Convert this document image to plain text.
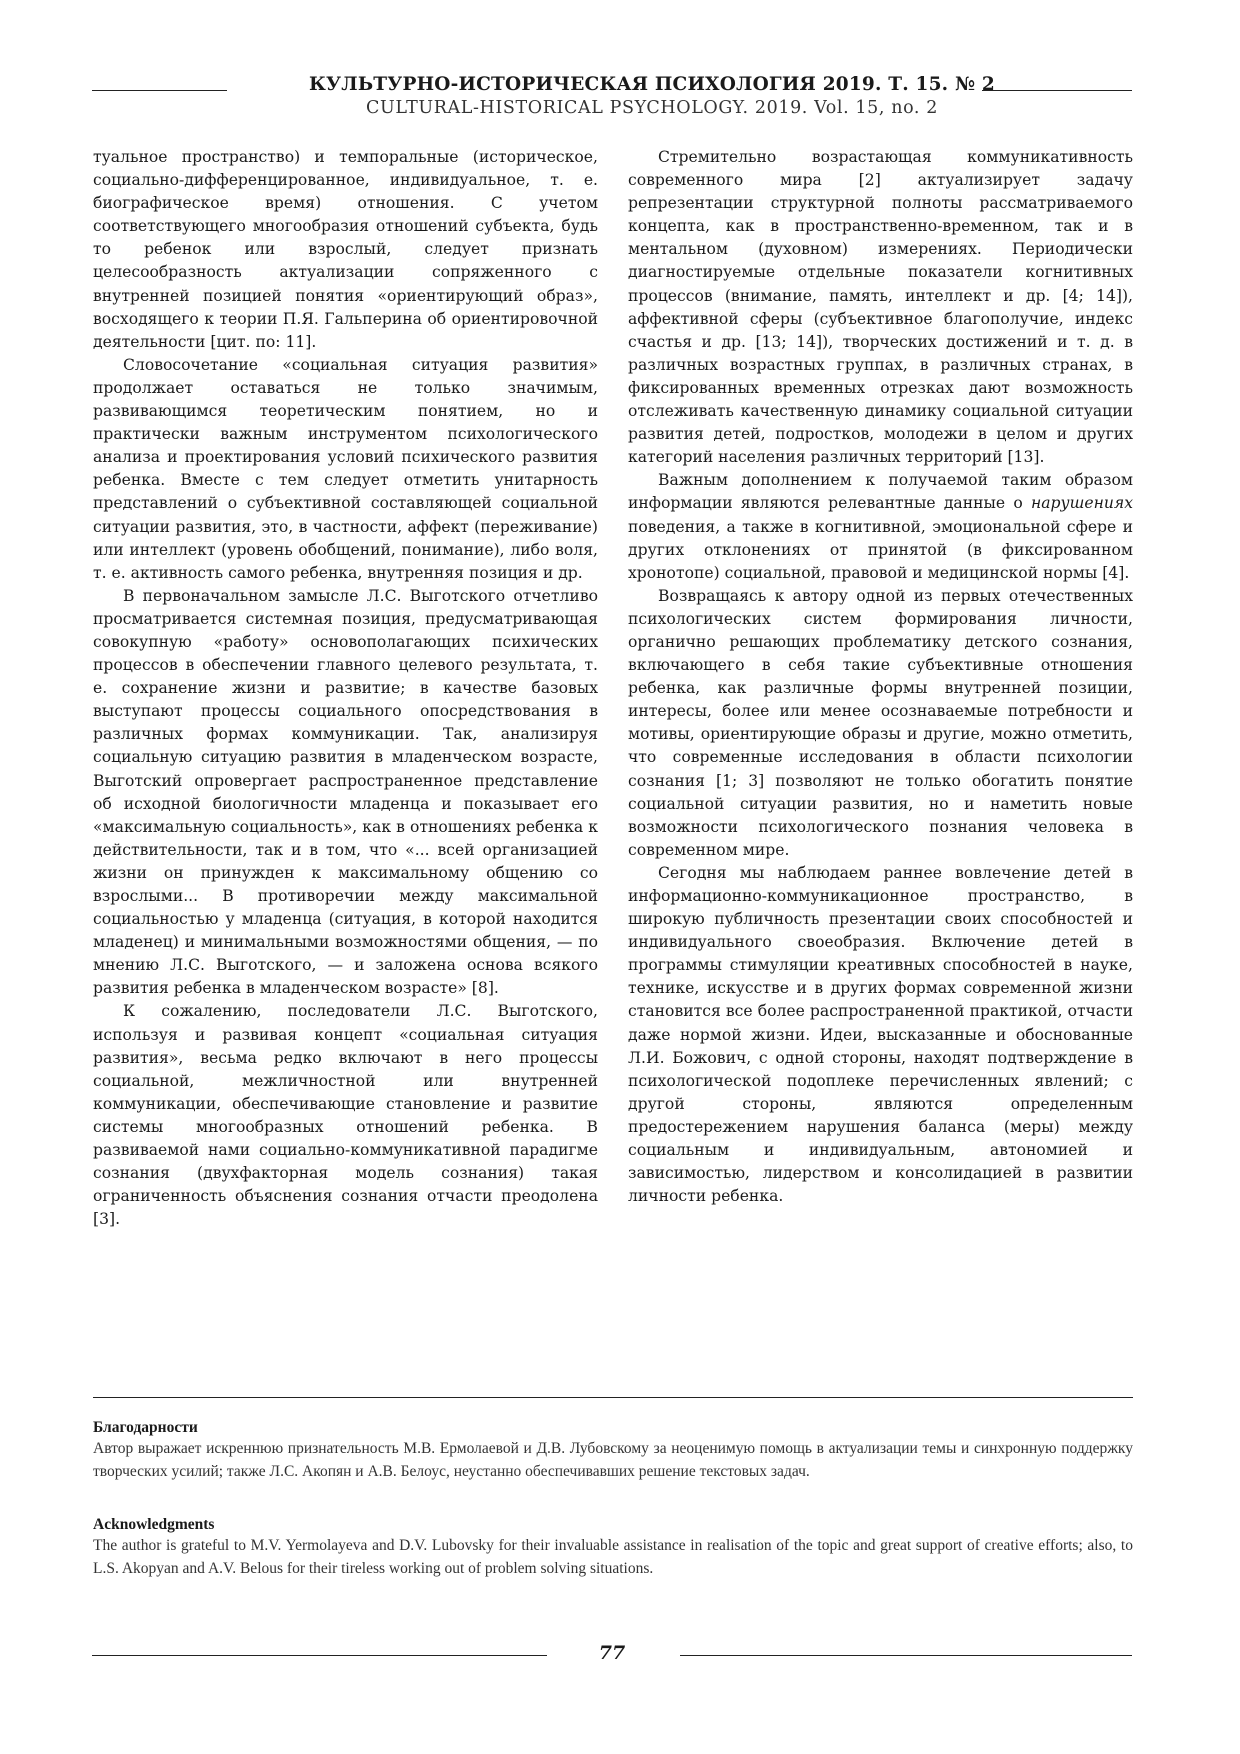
КУЛЬТУРНО-ИСТОРИЧЕСКАЯ ПСИХОЛОГИЯ 2019. Т. 15. № 2
CULTURAL-HISTORICAL PSYCHOLOGY. 2019. Vol. 15, no. 2

туальное пространство) и темпоральные (историческое, социально-дифференцированное, индивидуальное, т. е. биографическое время) отношения. С учетом соответствующего многообразия отношений субъекта, будь то ребенок или взрослый, следует признать целесообразность актуализации сопряженного с внутренней позицией понятия «ориентирующий образ», восходящего к теории П.Я. Гальперина об ориентировочной деятельности [цит. по: 11].

Словосочетание «социальная ситуация развития» продолжает оставаться не только значимым, развивающимся теоретическим понятием, но и практически важным инструментом психологического анализа и проектирования условий психического развития ребенка. Вместе с тем следует отметить унитарность представлений о субъективной составляющей социальной ситуации развития, это, в частности, аффект (переживание) или интеллект (уровень обобщений, понимание), либо воля, т. е. активность самого ребенка, внутренняя позиция и др.

В первоначальном замысле Л.С. Выготского отчетливо просматривается системная позиция, предусматривающая совокупную «работу» основополагающих психических процессов в обеспечении главного целевого результата, т. е. сохранение жизни и развитие; в качестве базовых выступают процессы социального опосредствования в различных формах коммуникации. Так, анализируя социальную ситуацию развития в младенческом возрасте, Выготский опровергает распространенное представление об исходной биологичности младенца и показывает его «максимальную социальность», как в отношениях ребенка к действительности, так и в том, что «... всей организацией жизни он принужден к максимальному общению со взрослыми... В противоречии между максимальной социальностью у младенца (ситуация, в которой находится младенец) и минимальными возможностями общения, — по мнению Л.С. Выготского, — и заложена основа всякого развития ребенка в младенческом возрасте» [8].

К сожалению, последователи Л.С. Выготского, используя и развивая концепт «социальная ситуация развития», весьма редко включают в него процессы социальной, межличностной или внутренней коммуникации, обеспечивающие становление и развитие системы многообразных отношений ребенка. В развиваемой нами социально-коммуникативной парадигме сознания (двухфакторная модель сознания) такая ограниченность объяснения сознания отчасти преодолена [3].

Стремительно возрастающая коммуникативность современного мира [2] актуализирует задачу репрезентации структурной полноты рассматриваемого концепта, как в пространственно-временном, так и в ментальном (духовном) измерениях. Периодически диагностируемые отдельные показатели когнитивных процессов (внимание, память, интеллект и др. [4; 14]), аффективной сферы (субъективное благополучие, индекс счастья и др. [13; 14]), творческих достижений и т. д. в различных возрастных группах, в различных странах, в фиксированных временных отрезках дают возможность отслеживать качественную динамику социальной ситуации развития детей, подростков, молодежи в целом и других категорий населения различных территорий [13].

Важным дополнением к получаемой таким образом информации являются релевантные данные о нарушениях поведения, а также в когнитивной, эмоциональной сфере и других отклонениях от принятой (в фиксированном хронотопе) социальной, правовой и медицинской нормы [4].

Возвращаясь к автору одной из первых отечественных психологических систем формирования личности, органично решающих проблематику детского сознания, включающего в себя такие субъективные отношения ребенка, как различные формы внутренней позиции, интересы, более или менее осознаваемые потребности и мотивы, ориентирующие образы и другие, можно отметить, что современные исследования в области психологии сознания [1; 3] позволяют не только обогатить понятие социальной ситуации развития, но и наметить новые возможности психологического познания человека в современном мире.

Сегодня мы наблюдаем раннее вовлечение детей в информационно-коммуникационное пространство, в широкую публичность презентации своих способностей и индивидуального своеобразия. Включение детей в программы стимуляции креативных способностей в науке, технике, искусстве и в других формах современной жизни становится все более распространенной практикой, отчасти даже нормой жизни. Идеи, высказанные и обоснованные Л.И. Божович, с одной стороны, находят подтверждение в психологической подоплеке перечисленных явлений; с другой стороны, являются определенным предостережением нарушения баланса (меры) между социальным и индивидуальным, автономией и зависимостью, лидерством и консолидацией в развитии личности ребенка.

Благодарности

Автор выражает искреннюю признательность М.В. Ермолаевой и Д.В. Лубовскому за неоценимую помощь в актуализации темы и синхронную поддержку творческих усилий; также Л.С. Акопян и А.В. Белоус, неустанно обеспечивавших решение текстовых задач.

Acknowledgments

The author is grateful to M.V. Yermolayeva and D.V. Lubovsky for their invaluable assistance in realisation of the topic and great support of creative efforts; also, to L.S. Akopyan and A.V. Belous for their tireless working out of problem solving situations.

77
